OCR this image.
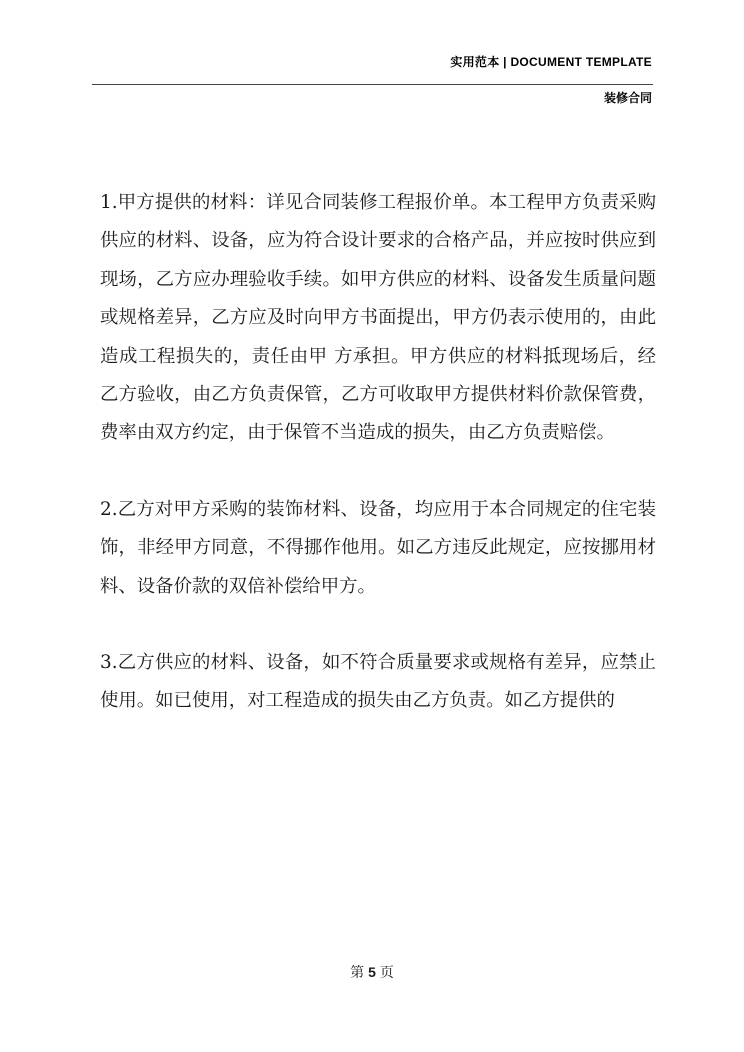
实用范本 | DOCUMENT TEMPLATE
装修合同

1.甲方提供的材料：详见合同装修工程报价单。本工程甲方负责采购供应的材料、设备，应为符合设计要求的合格产品，并应按时供应到 现场，乙方应办理验收手续。如甲方供应的材料、设备发生质量问题或规格差异，乙方应及时向甲方书面提出，甲方仍表示使用的，由此造成工程损失的，责任由甲 方承担。甲方供应的材料抵现场后，经乙方验收，由乙方负责保管，乙方可收取甲方提供材料价款保管费，费率由双方约定，由于保管不当造成的损失，由乙方负责赔偿。

2.乙方对甲方采购的装饰材料、设备，均应用于本合同规定的住宅装饰，非经甲方同意，不得挪作他用。如乙方违反此规定，应按挪用材料、设备价款的双倍补偿给甲方。

3.乙方供应的材料、设备，如不符合质量要求或规格有差异，应禁止使用。如已使用，对工程造成的损失由乙方负责。如乙方提供的

第 5 页
